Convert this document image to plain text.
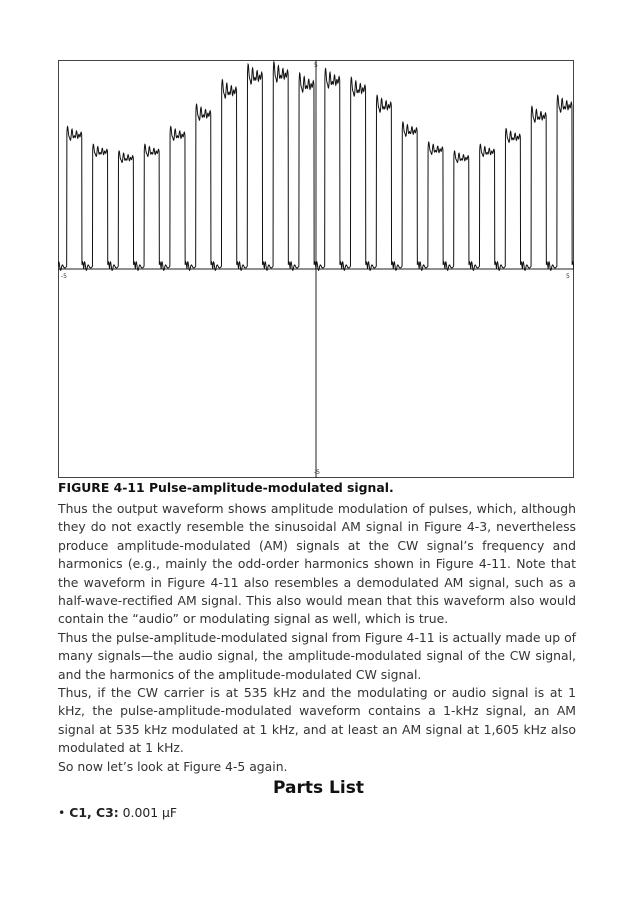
-5	5
5
-5
FIGURE 4-11 Pulse-amplitude-modulated signal.

Thus the output waveform shows amplitude modulation of pulses, which, although they do not exactly resemble the sinusoidal AM signal in Figure 4-3, nevertheless produce amplitude-modulated (AM) signals at the CW signal’s frequency and harmonics (e.g., mainly the odd-order harmonics shown in Figure 4-11. Note that the waveform in Figure 4-11 also resembles a demodulated AM signal, such as a half-wave-rectified AM signal. This also would mean that this waveform also would contain the “audio” or modulating signal as well, which is true.

Thus the pulse-amplitude-modulated signal from Figure 4-11 is actually made up of many signals—the audio signal, the amplitude-modulated signal of the CW signal, and the harmonics of the amplitude-modulated CW signal.

Thus, if the CW carrier is at 535 kHz and the modulating or audio signal is at 1 kHz, the pulse-amplitude-modulated waveform contains a 1-kHz signal, an AM signal at 535 kHz modulated at 1 kHz, and at least an AM signal at 1,605 kHz also modulated at 1 kHz.

So now let’s look at Figure 4-5 again.

Parts List
• C1, C3: 0.001 μF
